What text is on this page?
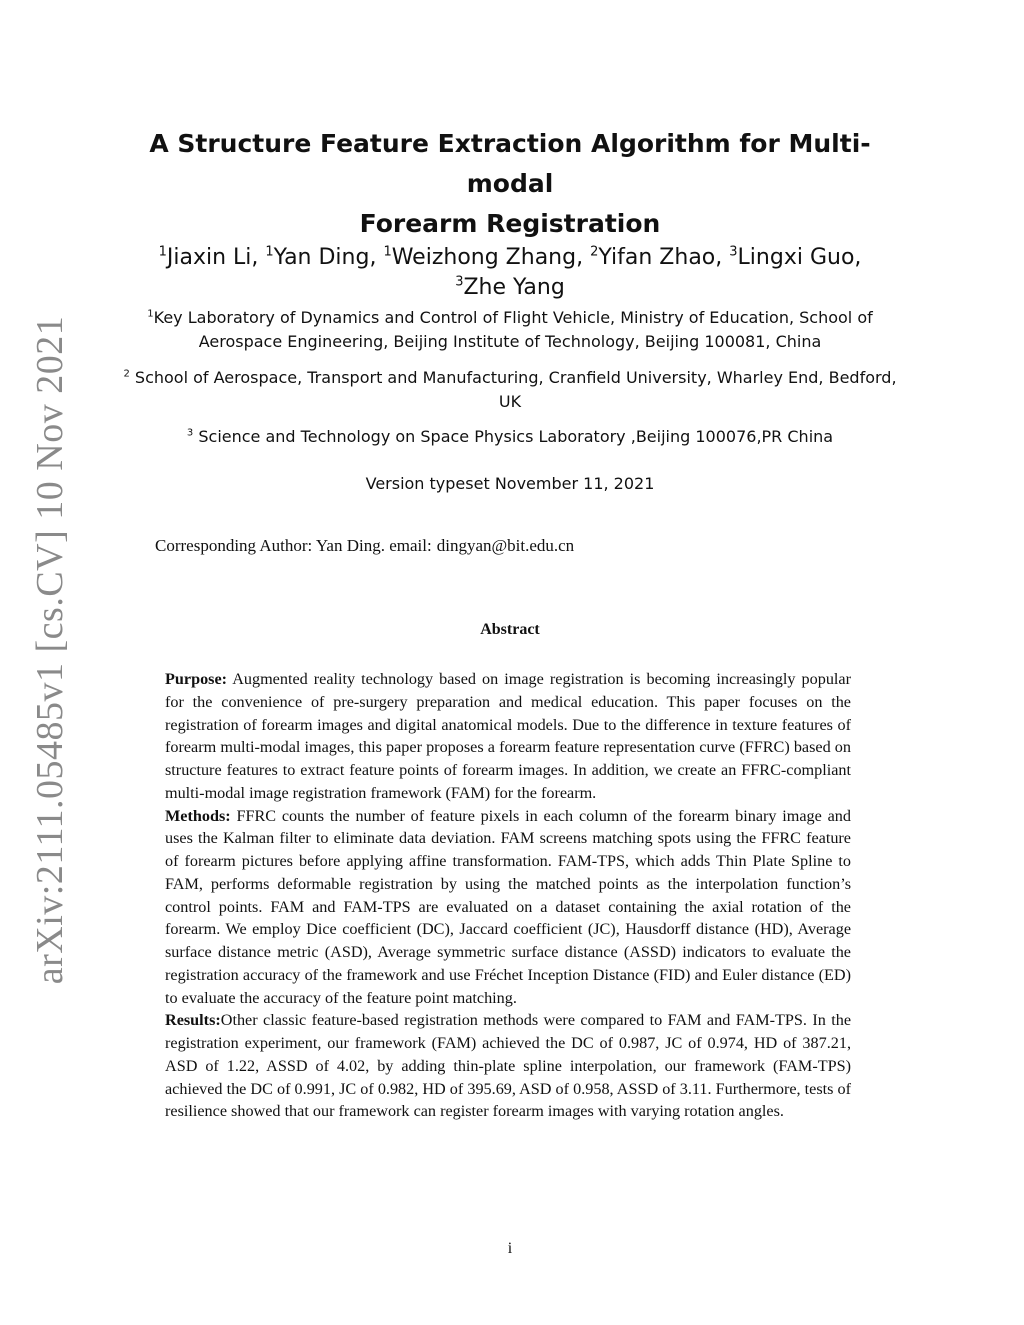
arXiv:2111.05485v1 [cs.CV] 10 Nov 2021
A Structure Feature Extraction Algorithm for Multi-modal
Forearm Registration
$^1$Jiaxin Li, $^1$Yan Ding, $^1$Weizhong Zhang, $^2$Yifan Zhao, $^3$Lingxi Guo,
$^3$Zhe Yang
$^1$Key Laboratory of Dynamics and Control of Flight Vehicle, Ministry of Education, School of Aerospace Engineering, Beijing Institute of Technology, Beijing 100081, China
$^2$ School of Aerospace, Transport and Manufacturing, Cranfield University, Wharley End, Bedford, UK
$^3$ Science and Technology on Space Physics Laboratory ,Beijing 100076,PR China
Version typeset November 11, 2021
Corresponding Author: Yan Ding. email: dingyan@bit.edu.cn
Abstract

Purpose: Augmented reality technology based on image registration is becoming increasingly popular for the convenience of pre-surgery preparation and medical education. This paper focuses on the registration of forearm images and digital anatomical models. Due to the difference in texture features of forearm multi-modal images, this paper proposes a forearm feature representation curve (FFRC) based on structure features to extract feature points of forearm images. In addition, we create an FFRC-compliant multi-modal image registration framework (FAM) for the forearm.

Methods: FFRC counts the number of feature pixels in each column of the forearm binary image and uses the Kalman filter to eliminate data deviation. FAM screens matching spots using the FFRC feature of forearm pictures before applying affine transformation. FAM-TPS, which adds Thin Plate Spline to FAM, performs deformable registration by using the matched points as the interpolation function’s control points. FAM and FAM-TPS are evaluated on a dataset containing the axial rotation of the forearm. We employ Dice coefficient (DC), Jaccard coefficient (JC), Hausdorff distance (HD), Average surface distance metric (ASD), Average symmetric surface distance (ASSD) indicators to evaluate the registration accuracy of the framework and use Fréchet Inception Distance (FID) and Euler distance (ED) to evaluate the accuracy of the feature point matching.

Results:Other classic feature-based registration methods were compared to FAM and FAM-TPS. In the registration experiment, our framework (FAM) achieved the DC of 0.987, JC of 0.974, HD of 387.21, ASD of 1.22, ASSD of 4.02, by adding thin-plate spline interpolation, our framework (FAM-TPS) achieved the DC of 0.991, JC of 0.982, HD of 395.69, ASD of 0.958, ASSD of 3.11. Furthermore, tests of resilience showed that our framework can register forearm images with varying rotation angles.

i
